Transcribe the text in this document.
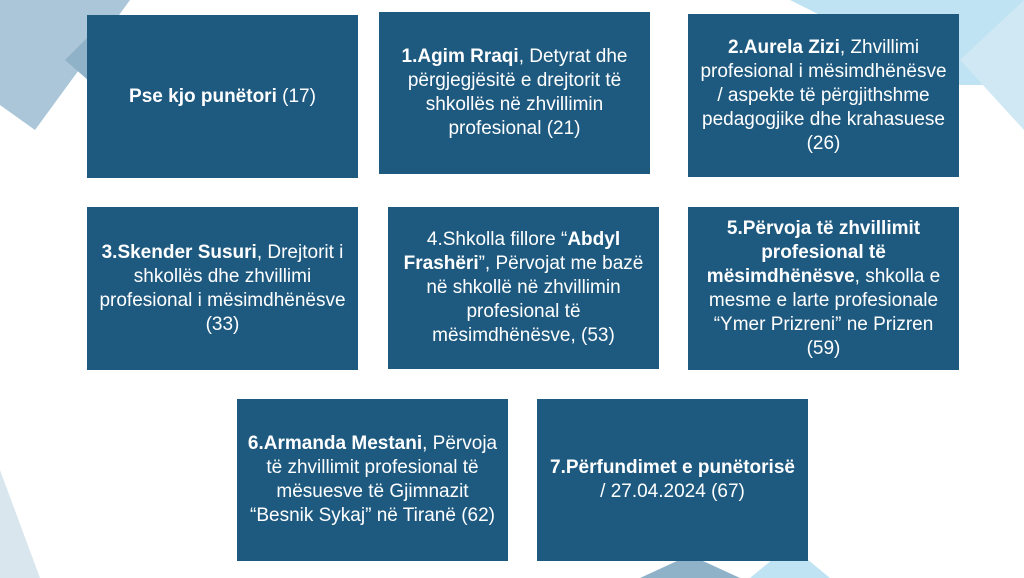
Pse kjo punëtori (17)
1.Agim Rraqi, Detyrat dhe përgjegjësitë e drejtorit të shkollës në zhvillimin profesional (21)
2.Aurela Zizi, Zhvillimi profesional i mësimdhënësve / aspekte të përgjithshme pedagogjike dhe krahasuese (26)
3.Skender Susuri, Drejtorit i shkollës dhe zhvillimi profesional i mësimdhënësve (33)
4.Shkolla fillore “Abdyl Frashëri”, Përvojat me bazë në shkollë në zhvillimin profesional të mësimdhënësve, (53)
5.Përvoja të zhvillimit profesional të mësimdhënësve, shkolla e mesme e larte profesionale “Ymer Prizreni” ne Prizren (59)
6.Armanda Mestani, Përvoja të zhvillimit profesional të mësuesve të Gjimnazit “Besnik Sykaj” në Tiranë (62)
7.Përfundimet e punëtorisë / 27.04.2024 (67)
